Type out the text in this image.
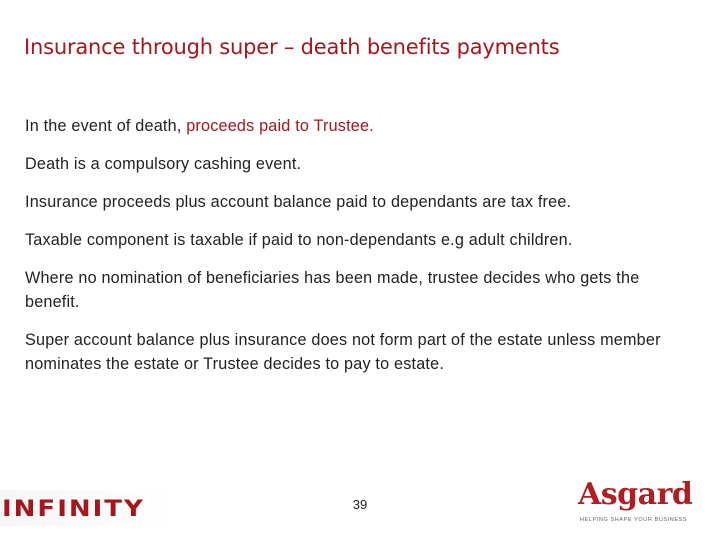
Insurance through super – death benefits payments
In the event of death, proceeds paid to Trustee.
Death is a compulsory cashing event.
Insurance proceeds plus account balance paid to dependants are tax free.
Taxable component is taxable if paid to non-dependants e.g adult children.
Where no nomination of beneficiaries has been made, trustee decides who gets the benefit.
Super account balance plus insurance does not form part of the estate unless member nominates the estate or Trustee decides to pay to estate.
INFINITY	39	Asgard
HELPING SHAPE YOUR BUSINESS
